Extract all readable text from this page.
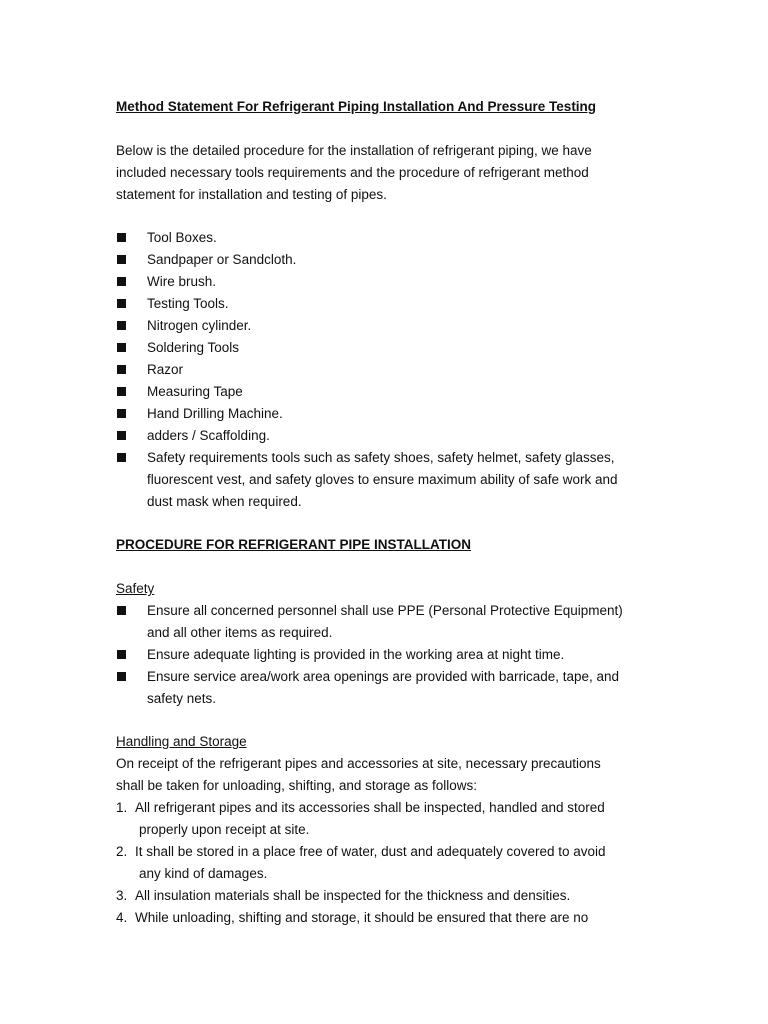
Method Statement For Refrigerant Piping Installation And Pressure Testing
Below is the detailed procedure for the installation of refrigerant piping, we have
included necessary tools requirements and the procedure of refrigerant method
statement for installation and testing of pipes.
Tool Boxes.
Sandpaper or Sandcloth.
Wire brush.
Testing Tools.
Nitrogen cylinder.
Soldering Tools
Razor
Measuring Tape
Hand Drilling Machine.
adders / Scaffolding.
Safety requirements tools such as safety shoes, safety helmet, safety glasses,
fluorescent vest, and safety gloves to ensure maximum ability of safe work and
dust mask when required.
PROCEDURE FOR REFRIGERANT PIPE INSTALLATION
Safety
Ensure all concerned personnel shall use PPE (Personal Protective Equipment)
and all other items as required.
Ensure adequate lighting is provided in the working area at night time.
Ensure service area/work area openings are provided with barricade, tape, and
safety nets.
Handling and Storage
On receipt of the refrigerant pipes and accessories at site, necessary precautions
shall be taken for unloading, shifting, and storage as follows:
1. All refrigerant pipes and its accessories shall be inspected, handled and stored
properly upon receipt at site.
2. It shall be stored in a place free of water, dust and adequately covered to avoid
any kind of damages.
3. All insulation materials shall be inspected for the thickness and densities.
4. While unloading, shifting and storage, it should be ensured that there are no
